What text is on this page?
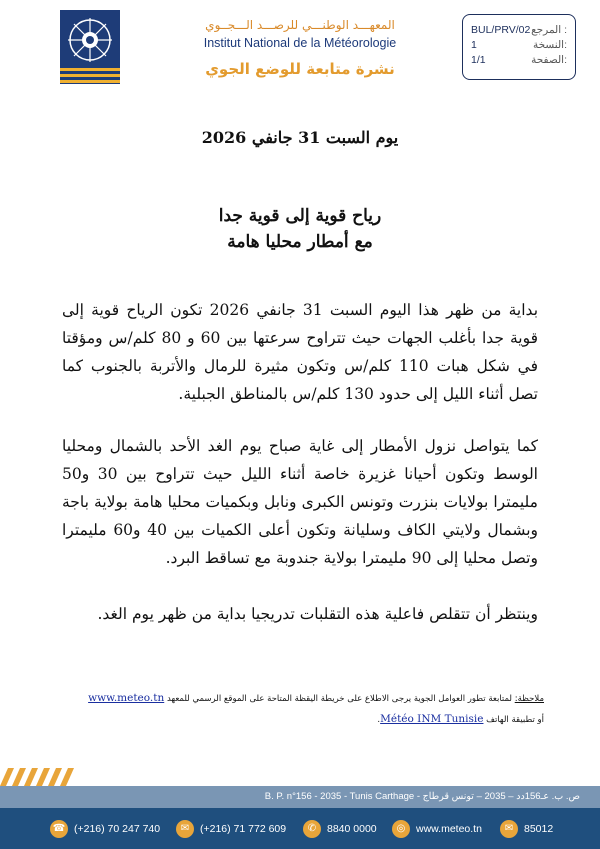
المرجع :
BUL/PRV/02
النسخة:
1
الصفحة:
1/1
المعهـــد الوطنـــي للرصـــد الـــجــوي
Institut National de la Météorologie
نشرة متابعة للوضع الجوي
يوم السبت 31 جانفي 2026
رياح قوية إلى قوية جدا
مع أمطار محليا هامة
بداية من ظهر هذا اليوم السبت 31 جانفي 2026 تكون الرياح قوية إلى قوية جدا بأغلب الجهات حيث تتراوح سرعتها بين 60 و 80 كلم/س ومؤقتا في شكل هبات 110 كلم/س وتكون مثيرة للرمال والأتربة بالجنوب كما تصل أثناء الليل إلى حدود 130 كلم/س بالمناطق الجبلية.
كما يتواصل نزول الأمطار إلى غاية صباح يوم الغد الأحد بالشمال ومحليا الوسط وتكون أحيانا غزيرة خاصة أثناء الليل حيث تتراوح بين 30 و50 مليمترا بولايات بنزرت وتونس الكبرى ونابل وبكميات محليا هامة بولاية باجة وبشمال ولايتي الكاف وسليانة وتكون أعلى الكميات بين 40 و60 مليمترا وتصل محليا إلى 90 مليمترا بولاية جندوبة مع تساقط البرد.
وينتظر أن تتقلص فاعلية هذه التقلبات تدريجيا بداية من ظهر يوم الغد.
ملاحظة: لمتابعة تطور العوامل الجوية يرجى الاطلاع على خريطة اليقظة المتاحة على الموقع الرسمي للمعهد www.meteo.tn
أو تطبيقة الهاتف Météo INM Tunisie.
B. P. n°156 - 2035 - Tunis Carthage - ص. ب. عـ156دد – 2035 – تونس قرطاج
☎ (+216) 70 247 740	✉	(+216) 71 772 609	✆	8840 0000	◎	www.meteo.tn	✉	85012
